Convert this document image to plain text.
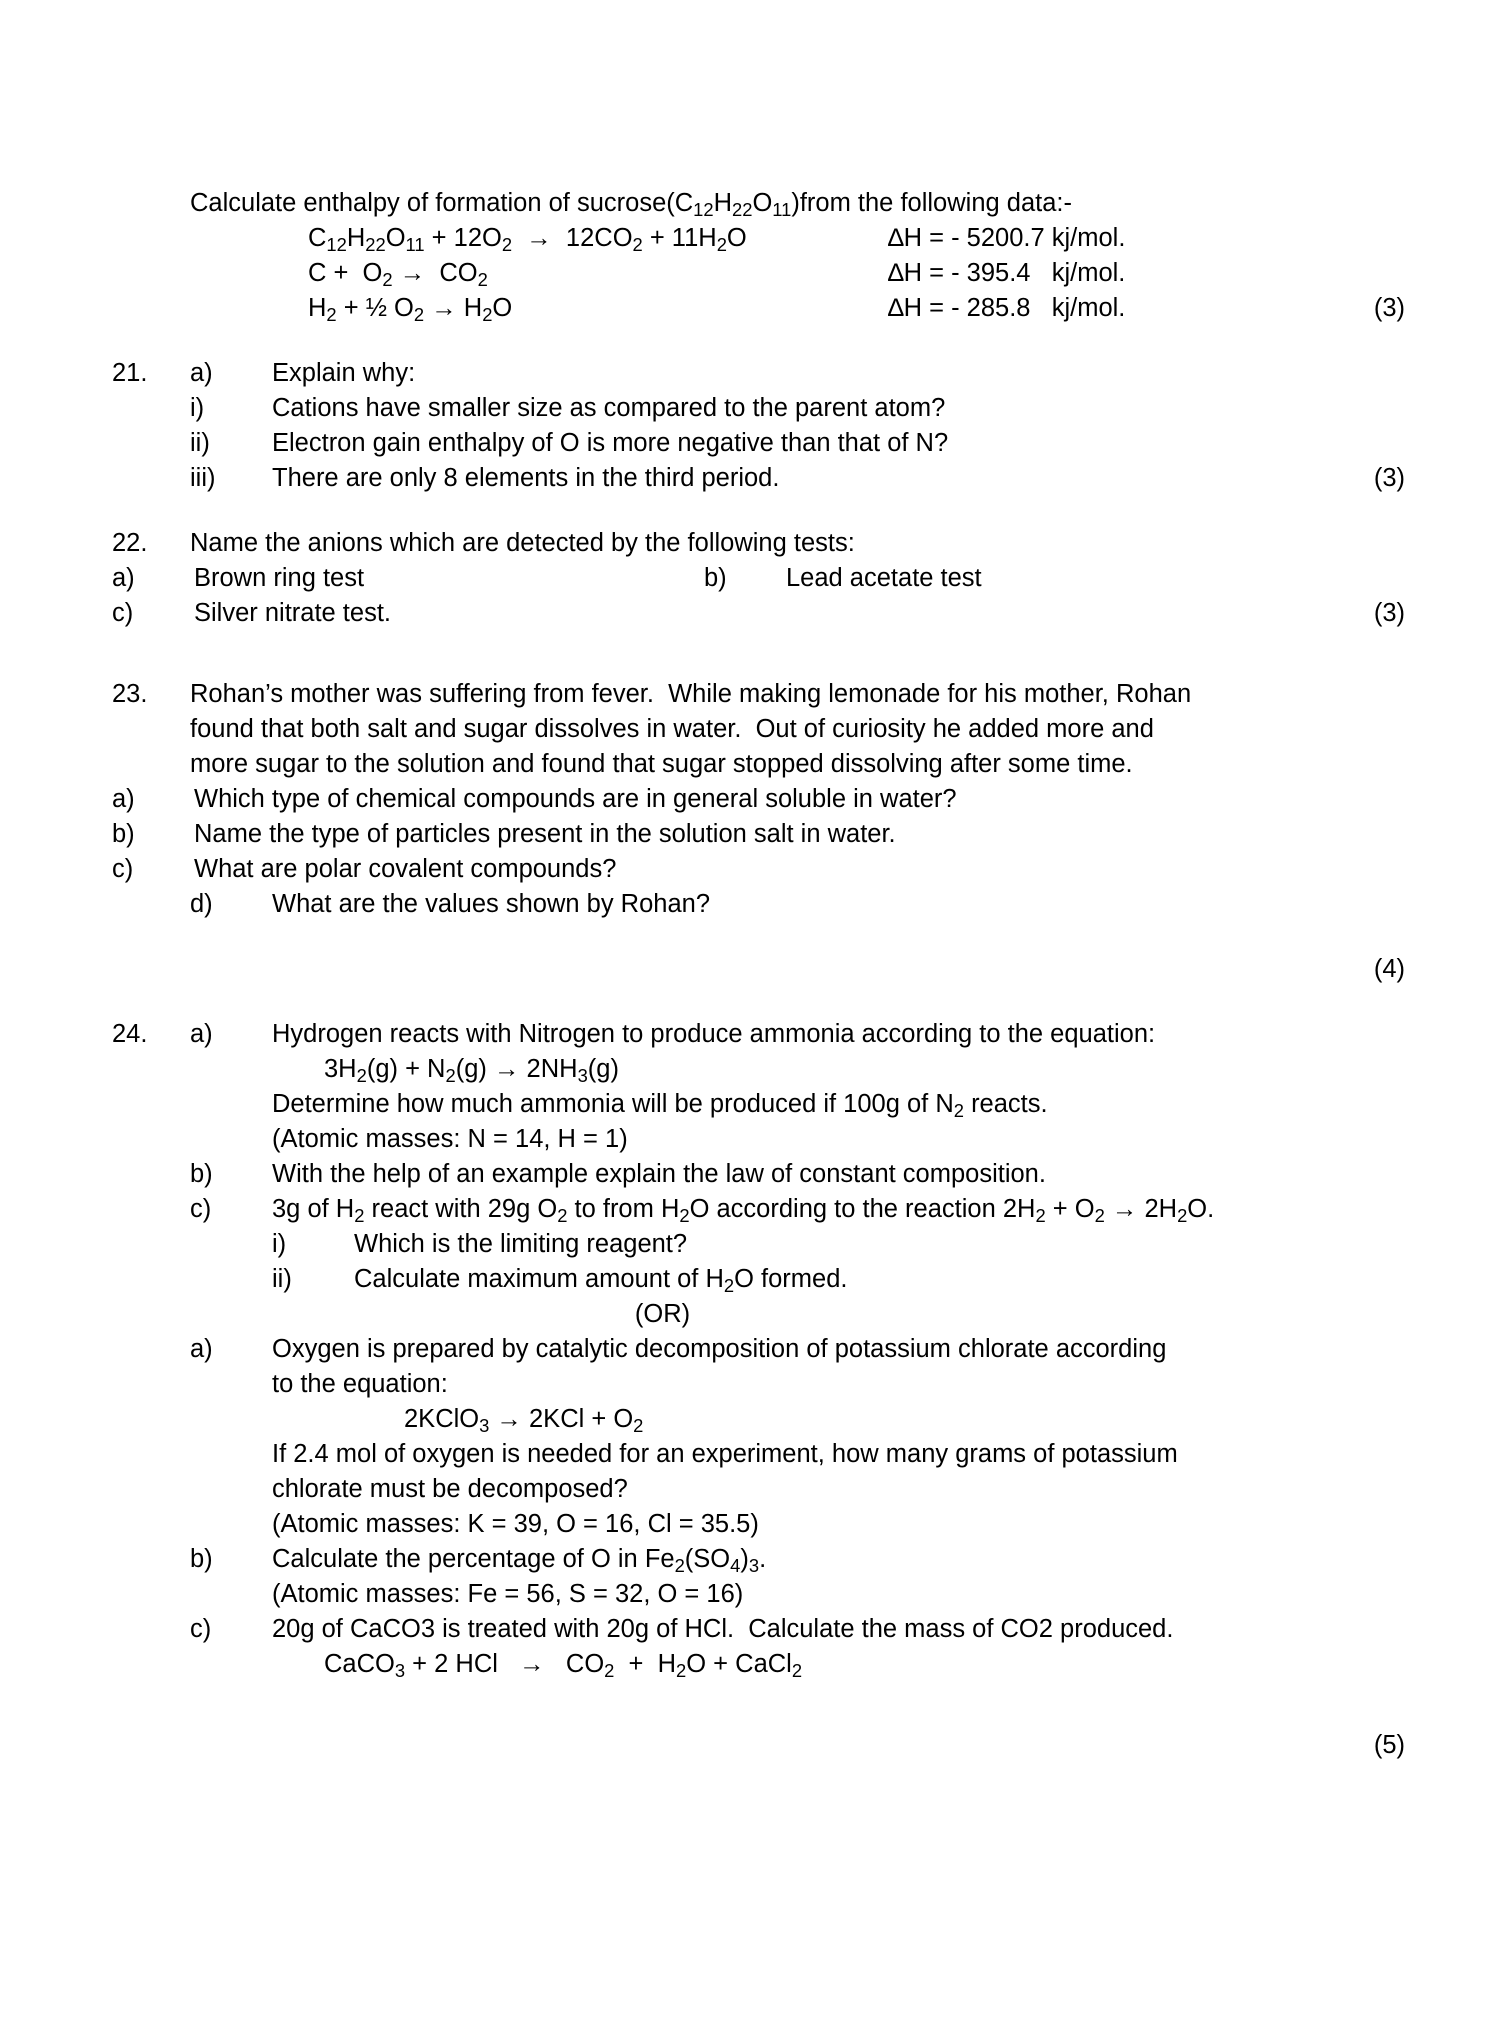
Calculate enthalpy of formation of $sucrose(C_{12}H_{22}O_{11})from$ the following data:-
$C_{12}H_{22}O_{11} + 12O_2 \to 12CO_2 + 11H_2O$	∆H = - 5200.7 kj/mol.
$C + O_2 \to CO_2$	∆H = - 395.4   kj/mol.
$H_2$ + ½ $O_2 \to H_2O$	∆H = - 285.8   kj/mol.	(3)
21.	a)	Explain why:
i)	Cations have smaller size as compared to the parent atom?
ii)	Electron gain enthalpy of O is more negative than that of N?
iii)	There are only 8 elements in the third period.	(3)
22.	Name the anions which are detected by the following tests:
a)	Brown ring test	b)	Lead acetate test
c)	Silver nitrate test.	(3)
23.	Rohan’s mother was suffering from fever.  While making lemonade for his mother, Rohan
found that both salt and sugar dissolves in water.  Out of curiosity he added more and
more sugar to the solution and found that sugar stopped dissolving after some time.
a)	Which type of chemical compounds are in general soluble in water?
b)	Name the type of particles present in the solution salt in water.
c)	What are polar covalent compounds?
d)	What are the values shown by Rohan?

(4)
24.	a)	Hydrogen reacts with Nitrogen to produce ammonia according to the equation:
$3H_2(g) + N_2(g) \to 2NH_3(g)$
Determine how much ammonia will be produced if 100g of $N_2$ reacts.
(Atomic masses: N = 14, H = 1)
b)	With the help of an example explain the law of constant composition.
c)	3g of $H_2$ react with 29g $O_2$ to from $H_2O$ according to the reaction $2H_2 + O_2 \to 2H_2O$.
i)	Which is the limiting reagent?
ii)	Calculate maximum amount of $H_2O$ formed.
(OR)
a)	Oxygen is prepared by catalytic decomposition of potassium chlorate according
to the equation:
2KClO$_3$ → $2KCl + O_2$
If 2.4 mol of oxygen is needed for an experiment, how many grams of potassium
chlorate must be decomposed?
(Atomic masses: K = 39, O = 16, Cl = 35.5)
b)	Calculate the percentage of O in $Fe_2(SO_4)_3$.
(Atomic masses: Fe = 56, S = 32, O = 16)
c)	20g of CaCO3 is treated with 20g of HCl.  Calculate the mass of CO2 produced.
CaCO$_3$ + 2 HCl   →   $CO_2 + H_2O$ + CaCl$_2$
(5)
